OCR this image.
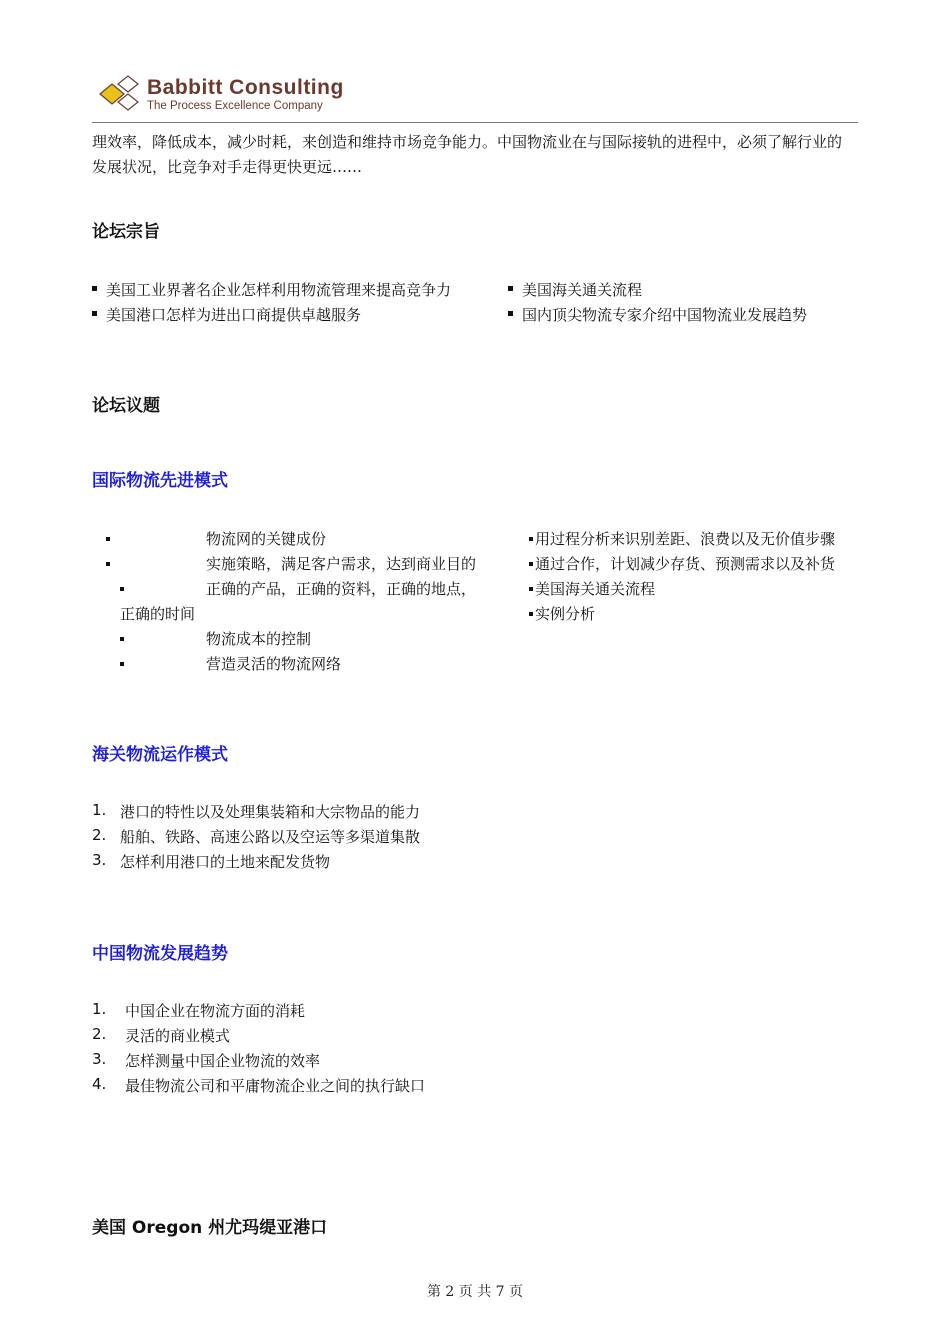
Babbitt Consulting
The Process Excellence Company
理效率，降低成本，减少时耗，来创造和维持市场竞争能力。中国物流业在与国际接轨的进程中，必须了解行业的
发展状况，比竞争对手走得更快更远……
论坛宗旨
美国工业界著名企业怎样利用物流管理来提高竞争力
美国港口怎样为进出口商提供卓越服务
美国海关通关流程
国内顶尖物流专家介绍中国物流业发展趋势
论坛议题
国际物流先进模式
物流网的关键成份
实施策略，满足客户需求，达到商业目的
正确的产品，正确的资料，正确的地点，
正确的时间
物流成本的控制
营造灵活的物流网络
用过程分析来识别差距、浪费以及无价值步骤
通过合作，计划减少存货、预测需求以及补货
美国海关通关流程
实例分析
海关物流运作模式
1. 港口的特性以及处理集装箱和大宗物品的能力
2. 船舶、铁路、高速公路以及空运等多渠道集散
3. 怎样利用港口的土地来配发货物
中国物流发展趋势
1. 中国企业在物流方面的消耗
2. 灵活的商业模式
3. 怎样测量中国企业物流的效率
4. 最佳物流公司和平庸物流企业之间的执行缺口
美国 Oregon 州尤玛缇亚港口
第 2 页 共 7 页
